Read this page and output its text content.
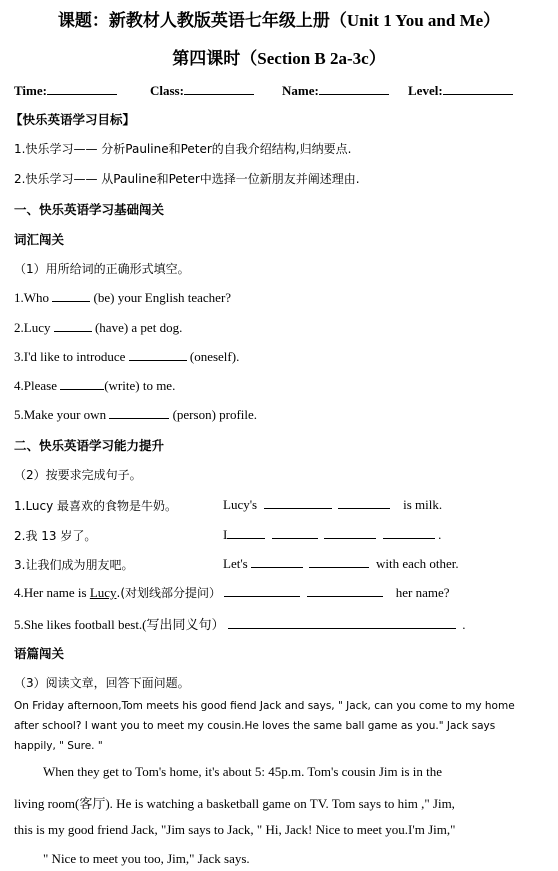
课题：新教材人教版英语七年级上册（Unit 1 You and Me）
第四课时（Section B 2a-3c）
Time:	Class:	Name:	Level:
【快乐英语学习目标】
1.快乐学习—— 分析Pauline和Peter的自我介绍结构,归纳要点.
2.快乐学习—— 从Pauline和Peter中选择一位新朋友并阐述理由.
一、快乐英语学习基础闯关
词汇闯关
（1）用所给词的正确形式填空。
1.Who	(be) your English teacher?
2.Lucy	(have) a pet dog.
3.I'd like to introduce	(oneself).
4.Please	(write) to me.
5.Make your own	(person) profile.
二、快乐英语学习能力提升
（2）按要求完成句子。
1.Lucy 最喜欢的食物是牛奶。	Lucy's	is milk.
2.我 13 岁了。	I	.
3.让我们成为朋友吧。	Let's	with each other.
4.Her name is Lucy.(对划线部分提问）	her name?
5.She likes football best.(写出同义句）	.
语篇闯关
（3）阅读文章，回答下面问题。
On Friday afternoon,Tom meets his good fiend Jack and says, " Jack, can you come to my home
after school? I want you to meet my cousin.He loves the same ball game as you." Jack says
happily, " Sure. "
When they get to Tom's home, it's about 5: 45p.m. Tom's cousin Jim is in the
living room(客厅). He is watching a basketball game on TV. Tom says to him ," Jim,
this is my good friend Jack, "Jim says to Jack, " Hi, Jack! Nice to meet you.I'm Jim,"
" Nice to meet you too, Jim," Jack says.
